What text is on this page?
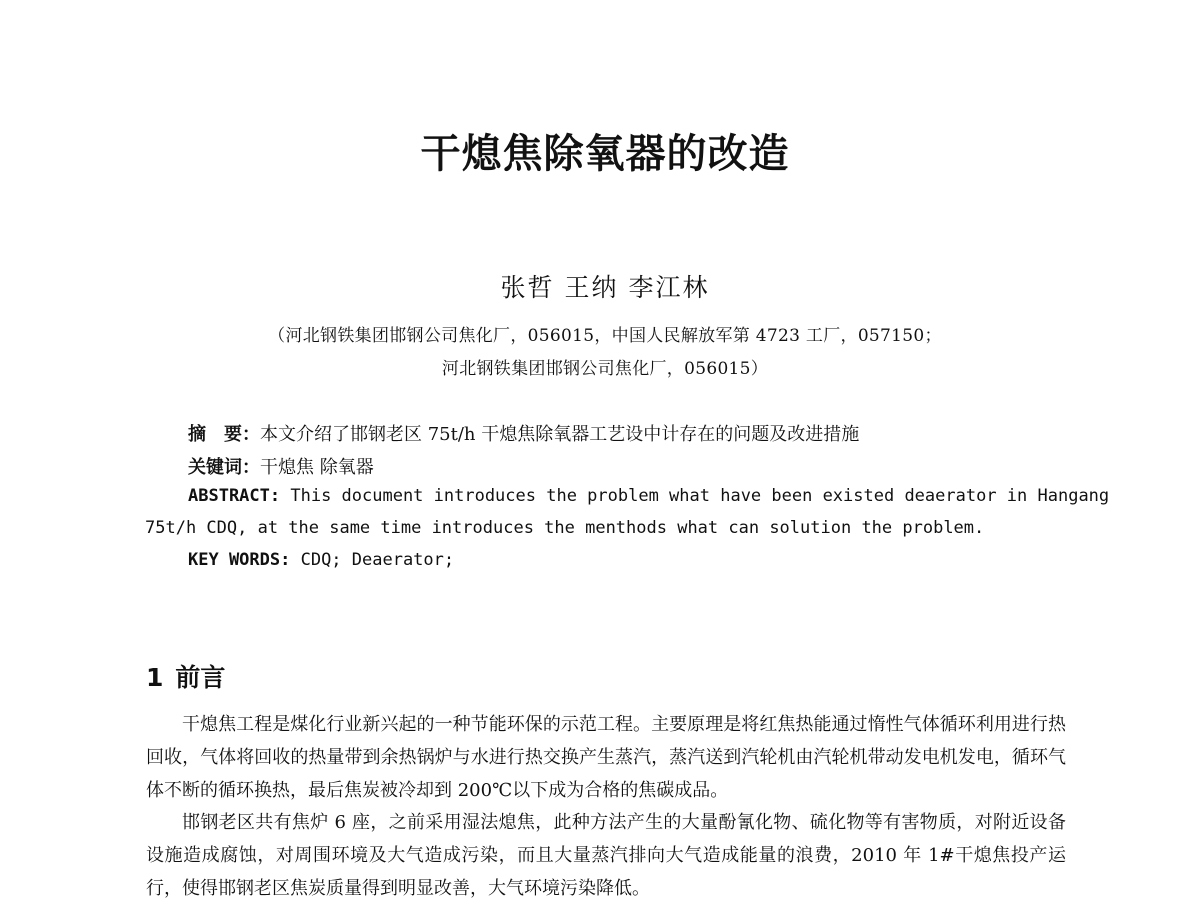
干熄焦除氧器的改造
张哲 王纳 李江林
（河北钢铁集团邯钢公司焦化厂，056015，中国人民解放军第 4723 工厂，057150；
河北钢铁集团邯钢公司焦化厂，056015）
摘　要：本文介绍了邯钢老区 75t/h 干熄焦除氧器工艺设中计存在的问题及改进措施
关键词：干熄焦 除氧器
ABSTRACT: This document introduces the problem what have been existed deaerator in Hangang
75t/h CDQ, at the same time introduces the menthods what can solution the problem.
KEY WORDS: CDQ; Deaerator;
1 前言

干熄焦工程是煤化行业新兴起的一种节能环保的示范工程。主要原理是将红焦热能通过惰性气体循环利用进行热回收，气体将回收的热量带到余热锅炉与水进行热交换产生蒸汽，蒸汽送到汽轮机由汽轮机带动发电机发电，循环气体不断的循环换热，最后焦炭被冷却到 200℃以下成为合格的焦碳成品。

邯钢老区共有焦炉 6 座，之前采用湿法熄焦，此种方法产生的大量酚氰化物、硫化物等有害物质，对附近设备设施造成腐蚀，对周围环境及大气造成污染，而且大量蒸汽排向大气造成能量的浪费，2010 年 1#干熄焦投产运行，使得邯钢老区焦炭质量得到明显改善，大气环境污染降低。
